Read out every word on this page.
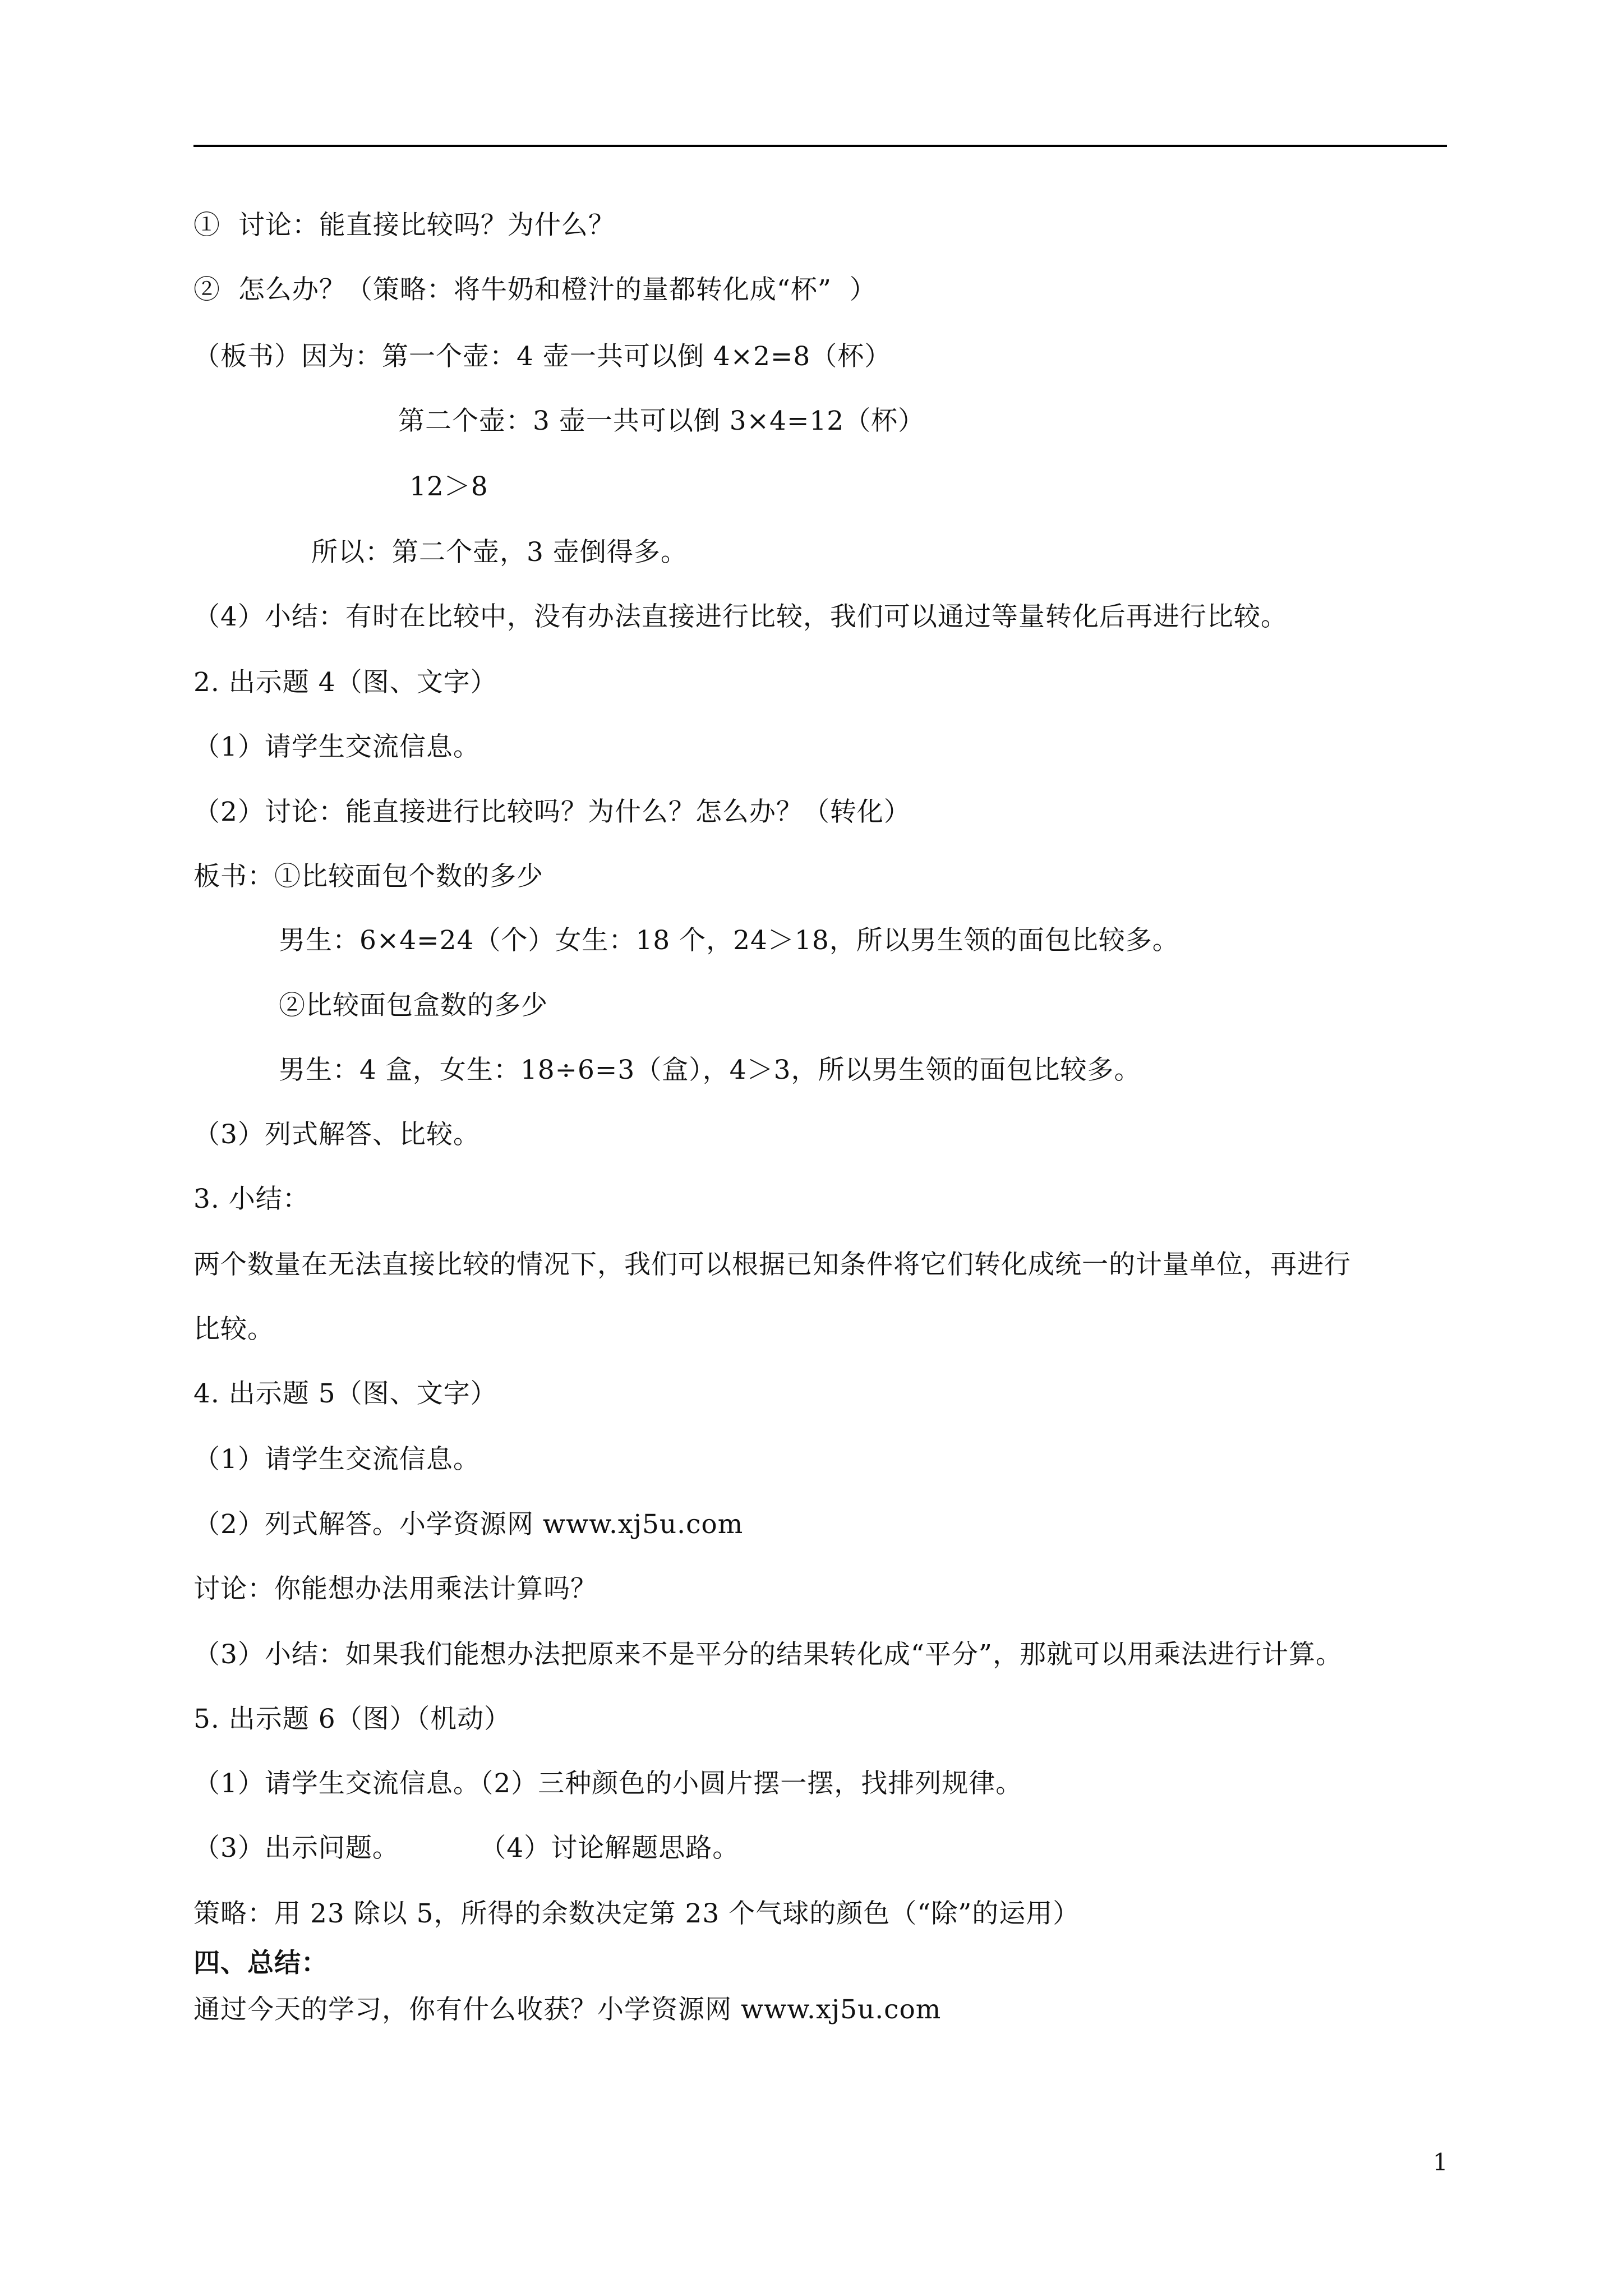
①  讨论：能直接比较吗？为什么？
②  怎么办？（策略：将牛奶和橙汁的量都转化成“杯”  ）
（板书）因为：第一个壶：4 壶一共可以倒 4×2=8（杯）
第二个壶：3 壶一共可以倒 3×4=12（杯）
12＞8
所以：第二个壶，3 壶倒得多。
（4）小结：有时在比较中，没有办法直接进行比较，我们可以通过等量转化后再进行比较。
2. 出示题 4（图、文字）
（1）请学生交流信息。
（2）讨论：能直接进行比较吗？为什么？怎么办？（转化）
板书：①比较面包个数的多少
男生：6×4=24（个）女生：18 个，24＞18，所以男生领的面包比较多。
②比较面包盒数的多少
男生：4 盒，女生：18÷6=3（盒），4＞3，所以男生领的面包比较多。
（3）列式解答、比较。
3. 小结：
两个数量在无法直接比较的情况下，我们可以根据已知条件将它们转化成统一的计量单位，再进行
比较。
4. 出示题 5（图、文字）
（1）请学生交流信息。
（2）列式解答。小学资源网 www.xj5u.com
讨论：你能想办法用乘法计算吗？
（3）小结：如果我们能想办法把原来不是平分的结果转化成“平分”，那就可以用乘法进行计算。
5. 出示题 6（图）（机动）
（1）请学生交流信息。（2）三种颜色的小圆片摆一摆，找排列规律。
（3）出示问题。         （4）讨论解题思路。
策略：用 23 除以 5，所得的余数决定第 23 个气球的颜色（“除”的运用）
四、总结：
通过今天的学习，你有什么收获？小学资源网 www.xj5u.com
1
